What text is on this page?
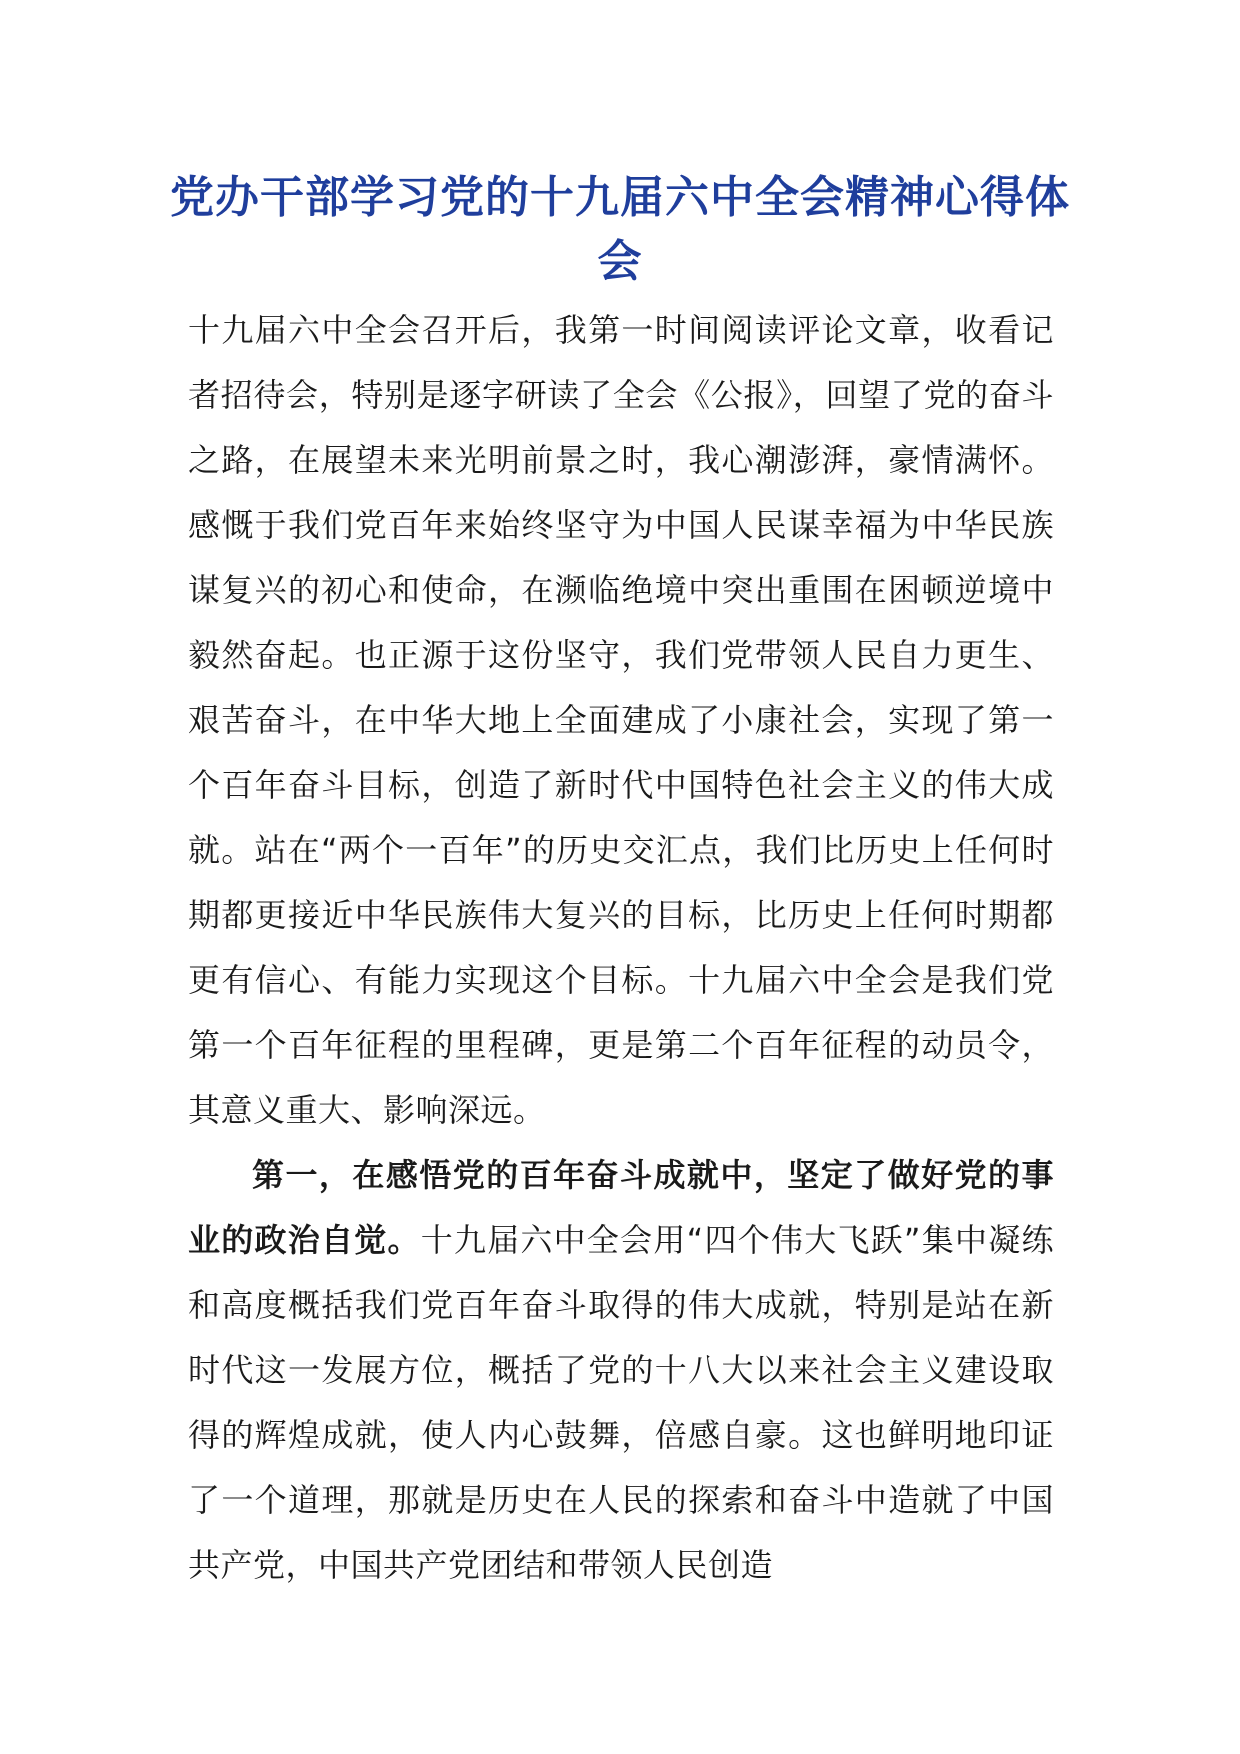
党办干部学习党的十九届六中全会精神心得体会

十九届六中全会召开后，我第一时间阅读评论文章，收看记者招待会，特别是逐字研读了全会《公报》，回望了党的奋斗之路，在展望未来光明前景之时，我心潮澎湃，豪情满怀。感慨于我们党百年来始终坚守为中国人民谋幸福为中华民族谋复兴的初心和使命，在濒临绝境中突出重围在困顿逆境中毅然奋起。也正源于这份坚守，我们党带领人民自力更生、艰苦奋斗，在中华大地上全面建成了小康社会，实现了第一个百年奋斗目标，创造了新时代中国特色社会主义的伟大成就。站在“两个一百年”的历史交汇点，我们比历史上任何时期都更接近中华民族伟大复兴的目标，比历史上任何时期都更有信心、有能力实现这个目标。十九届六中全会是我们党第一个百年征程的里程碑，更是第二个百年征程的动员令，其意义重大、影响深远。

第一，在感悟党的百年奋斗成就中，坚定了做好党的事业的政治自觉。十九届六中全会用“四个伟大飞跃”集中凝练和高度概括我们党百年奋斗取得的伟大成就，特别是站在新时代这一发展方位，概括了党的十八大以来社会主义建设取得的辉煌成就，使人内心鼓舞，倍感自豪。这也鲜明地印证了一个道理，那就是历史在人民的探索和奋斗中造就了中国共产党，中国共产党团结和带领人民创造
